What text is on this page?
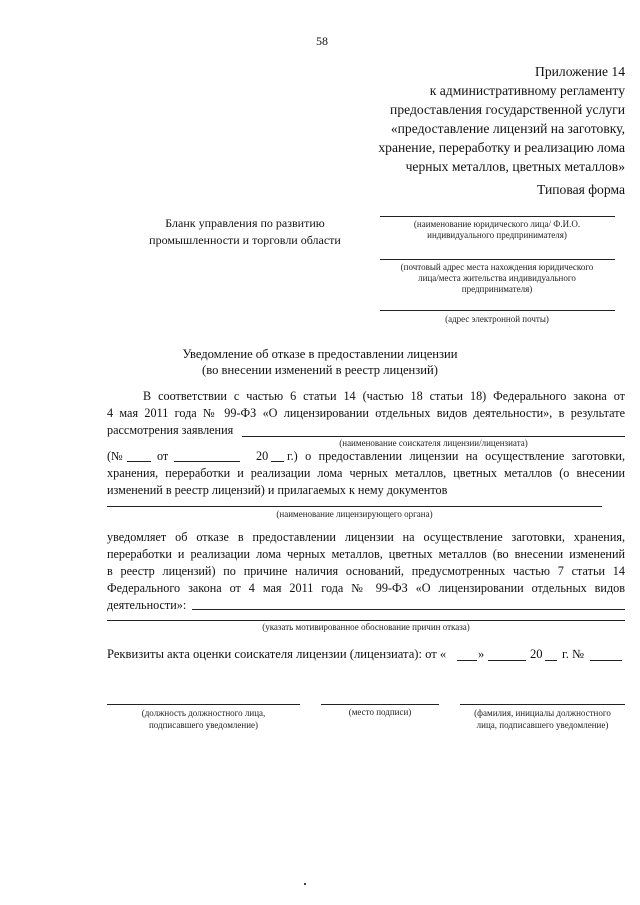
58
Приложение 14
к административному регламенту
предоставления государственной услуги
«предоставление лицензий на заготовку,
хранение, переработку и реализацию лома
черных металлов, цветных металлов»
Типовая форма
Бланк управления по развитию
промышленности и торговли области
(наименование юридического лица/ Ф.И.О.
индивидуального предпринимателя)
(почтовый адрес места нахождения юридического
лица/места жительства индивидуального
предпринимателя)
(адрес электронной почты)
Уведомление об отказе в предоставлении лицензии
(во внесении изменений в реестр лицензий)
В соответствии с частью 6 статьи 14 (частью 18 статьи 18) Федерального закона от
4 мая 2011 года № 99-ФЗ «О лицензировании отдельных видов деятельности», в результате
рассмотрения заявления
(наименование соискателя лицензии/лицензиата)
(№	от	20 г.) о предоставлении лицензии на осуществление заготовки,
хранения, переработки и реализации лома черных металлов, цветных металлов (о внесении
изменений в реестр лицензий) и прилагаемых к нему документов
(наименование лицензирующего органа)
уведомляет об отказе в предоставлении лицензии на осуществление заготовки, хранения,
переработки и реализации лома черных металлов, цветных металлов (во внесении изменений
в реестр лицензий) по причине наличия оснований, предусмотренных частью 7 статьи 14
Федерального закона от 4 мая 2011 года № 99-ФЗ «О лицензировании отдельных видов
деятельности»:
(указать мотивированное обоснование причин отказа)
Реквизиты акта оценки соискателя лицензии (лицензиата): от «	»	20 г. №
(должность должностного лица,
подписавшего уведомление)
(место подписи)	(фамилия, инициалы должностного
лица, подписавшего уведомление)
